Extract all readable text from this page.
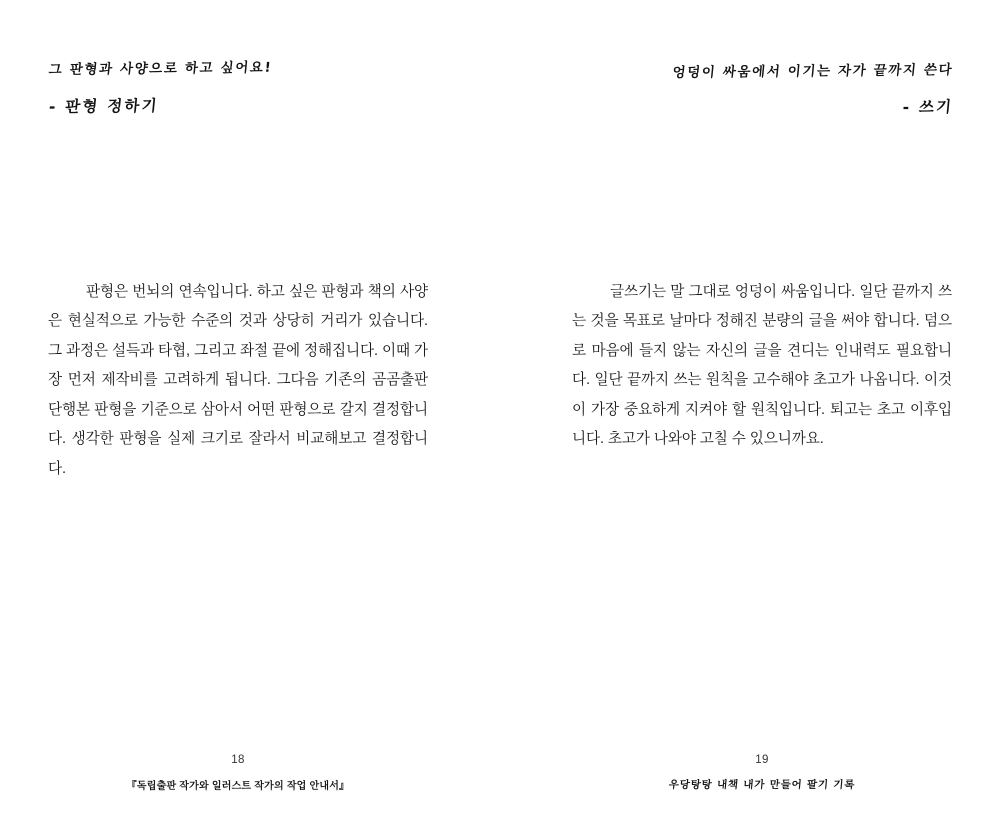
그 판형과 사양으로 하고 싶어요!
- 판형 정하기

판형은 번뇌의 연속입니다. 하고 싶은 판형과 책의 사양은 현실적으로 가능한 수준의 것과 상당히 거리가 있습니다. 그 과정은 설득과 타협, 그리고 좌절 끝에 정해집니다. 이때 가장 먼저 제작비를 고려하게 됩니다. 그다음 기존의 곰곰출판 단행본 판형을 기준으로 삼아서 어떤 판형으로 갈지 결정합니다. 생각한 판형을 실제 크기로 잘라서 비교해보고 결정합니다.

18
『독립출판 작가와 일러스트 작가의 작업 안내서』
엉덩이 싸움에서 이기는 자가 끝까지 쓴다
- 쓰기

글쓰기는 말 그대로 엉덩이 싸움입니다. 일단 끝까지 쓰는 것을 목표로 날마다 정해진 분량의 글을 써야 합니다. 덤으로 마음에 들지 않는 자신의 글을 견디는 인내력도 필요합니다. 일단 끝까지 쓰는 원칙을 고수해야 초고가 나옵니다. 이것이 가장 중요하게 지켜야 할 원칙입니다. 퇴고는 초고 이후입니다. 초고가 나와야 고칠 수 있으니까요.

19
우당탕탕 내책 내가 만들어 팔기 기록
